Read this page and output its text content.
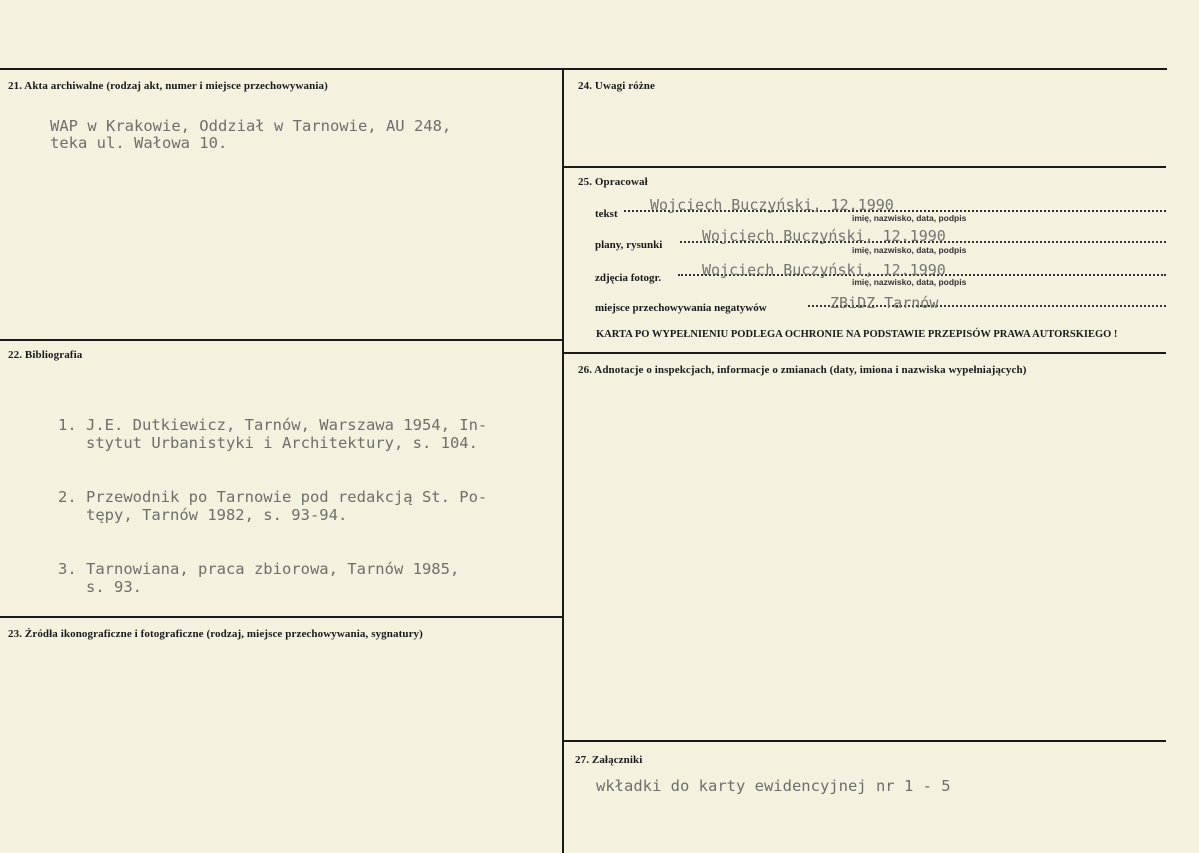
21. Akta archiwalne (rodzaj akt, numer i miejsce przechowywania)
WAP w Krakowie, Oddział w Tarnowie, AU 248,
teka ul. Wałowa 10.
22. Bibliografia

1. J.E. Dutkiewicz, Tarnów, Warszawa 1954, In-
stytut Urbanistyki i Architektury, s. 104.

2. Przewodnik po Tarnowie pod redakcją St. Po-
tępy, Tarnów 1982, s. 93-94.

3. Tarnowiana, praca zbiorowa, Tarnów 1985,
s. 93.

23. Źródła ikonograficzne i fotograficzne (rodzaj, miejsce przechowywania, sygnatury)
24. Uwagi różne
25. Opracował
tekst Wojciech Buczyński, 12.1990
imię, nazwisko, data, podpis
plany, rysunki	Wojciech Buczyński, 12.1990
imię, nazwisko, data, podpis
zdjęcia fotogr.	Wojciech Buczyński, 12.1990
imię, nazwisko, data, podpis
miejsce przechowywania negatywów	ZBiDZ Tarnów
KARTA PO WYPEŁNIENIU PODLEGA OCHRONIE NA PODSTAWIE PRZEPISÓW PRAWA AUTORSKIEGO !
26. Adnotacje o inspekcjach, informacje o zmianach (daty, imiona i nazwiska wypełniających)
27. Załączniki
wkładki do karty ewidencyjnej nr 1 - 5
